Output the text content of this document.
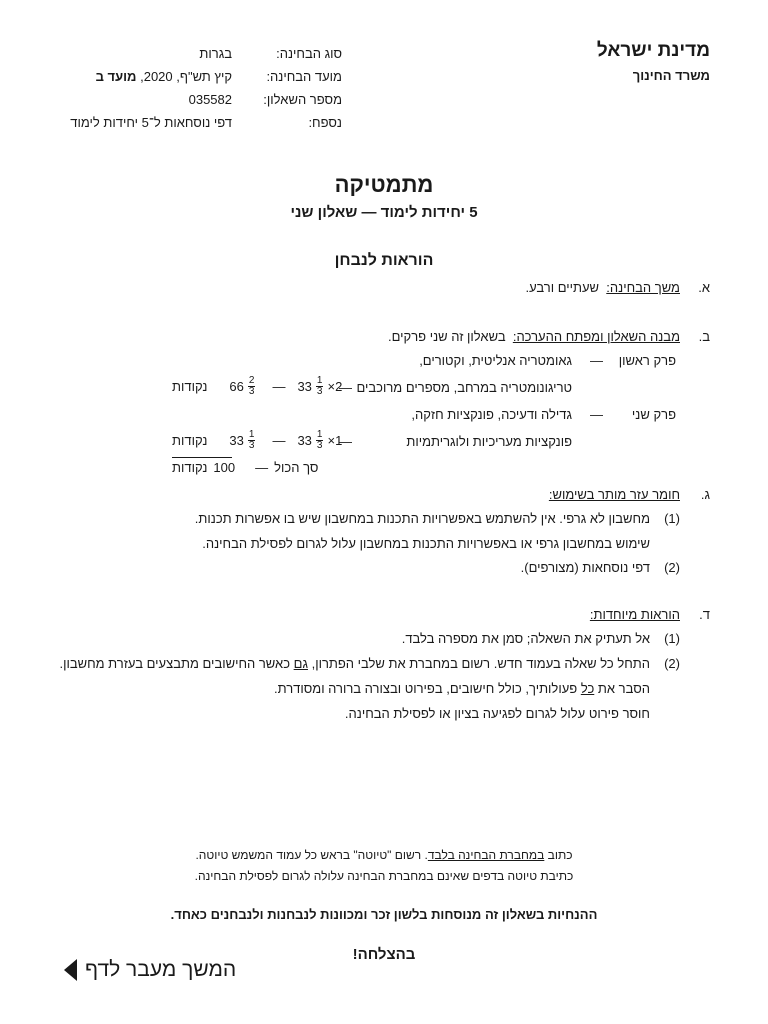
מדינת ישראל
משרד החינוך
סוג הבחינה:
בגרות
מועד הבחינה:
קיץ תש"ף, 2020, מועד ב
מספר השאלון:
035582
נספח:
דפי נוסחאות ל־5 יחידות לימוד
מתמטיקה
5 יחידות לימוד — שאלון שני
הוראות לנבחן
א.
משך הבחינה:  שעתיים ורבע.
ב.
מבנה השאלון ומפתח ההערכה:  בשאלון זה שני פרקים.
פרק ראשון
—
גאומטריה אנליטית, וקטורים,
טריגונומטריה במרחב, מספרים מרוכבים
—
נקודות $66 \frac{2}{3}$ — $33 \frac{1}{3} \times 2$
פרק שני
—
גדילה ודעיכה, פונקציות חזקה,
פונקציות מעריכיות ולוגריתמיות
—
נקודות $33 \frac{1}{3}$ — $33 \frac{1}{3} \times 1$
נקודות 100 — סך הכול
ג.
חומר עזר מותר בשימוש:
(1)
מחשבון לא גרפי. אין להשתמש באפשרויות התכנות במחשבון שיש בו אפשרות תכנות.
שימוש במחשבון גרפי או באפשרויות התכנות במחשבון עלול לגרום לפסילת הבחינה.
(2)
דפי נוסחאות (מצורפים).
ד.
הוראות מיוחדות:
(1)
אל תעתיק את השאלה; סמן את מספרה בלבד.
(2)
התחל כל שאלה בעמוד חדש. רשום במחברת את שלבי הפתרון, גם כאשר החישובים מתבצעים בעזרת מחשבון.
הסבר את כל פעולותיך, כולל חישובים, בפירוט ובצורה ברורה ומסודרת.
חוסר פירוט עלול לגרום לפגיעה בציון או לפסילת הבחינה.
כתוב במחברת הבחינה בלבד. רשום "טיוטה" בראש כל עמוד המשמש טיוטה.
כתיבת טיוטה בדפים שאינם במחברת הבחינה עלולה לגרום לפסילת הבחינה.
ההנחיות בשאלון זה מנוסחות בלשון זכר ומכוונות לנבחנות ולנבחנים כאחד.
בהצלחה!
המשך מעבר לדף
